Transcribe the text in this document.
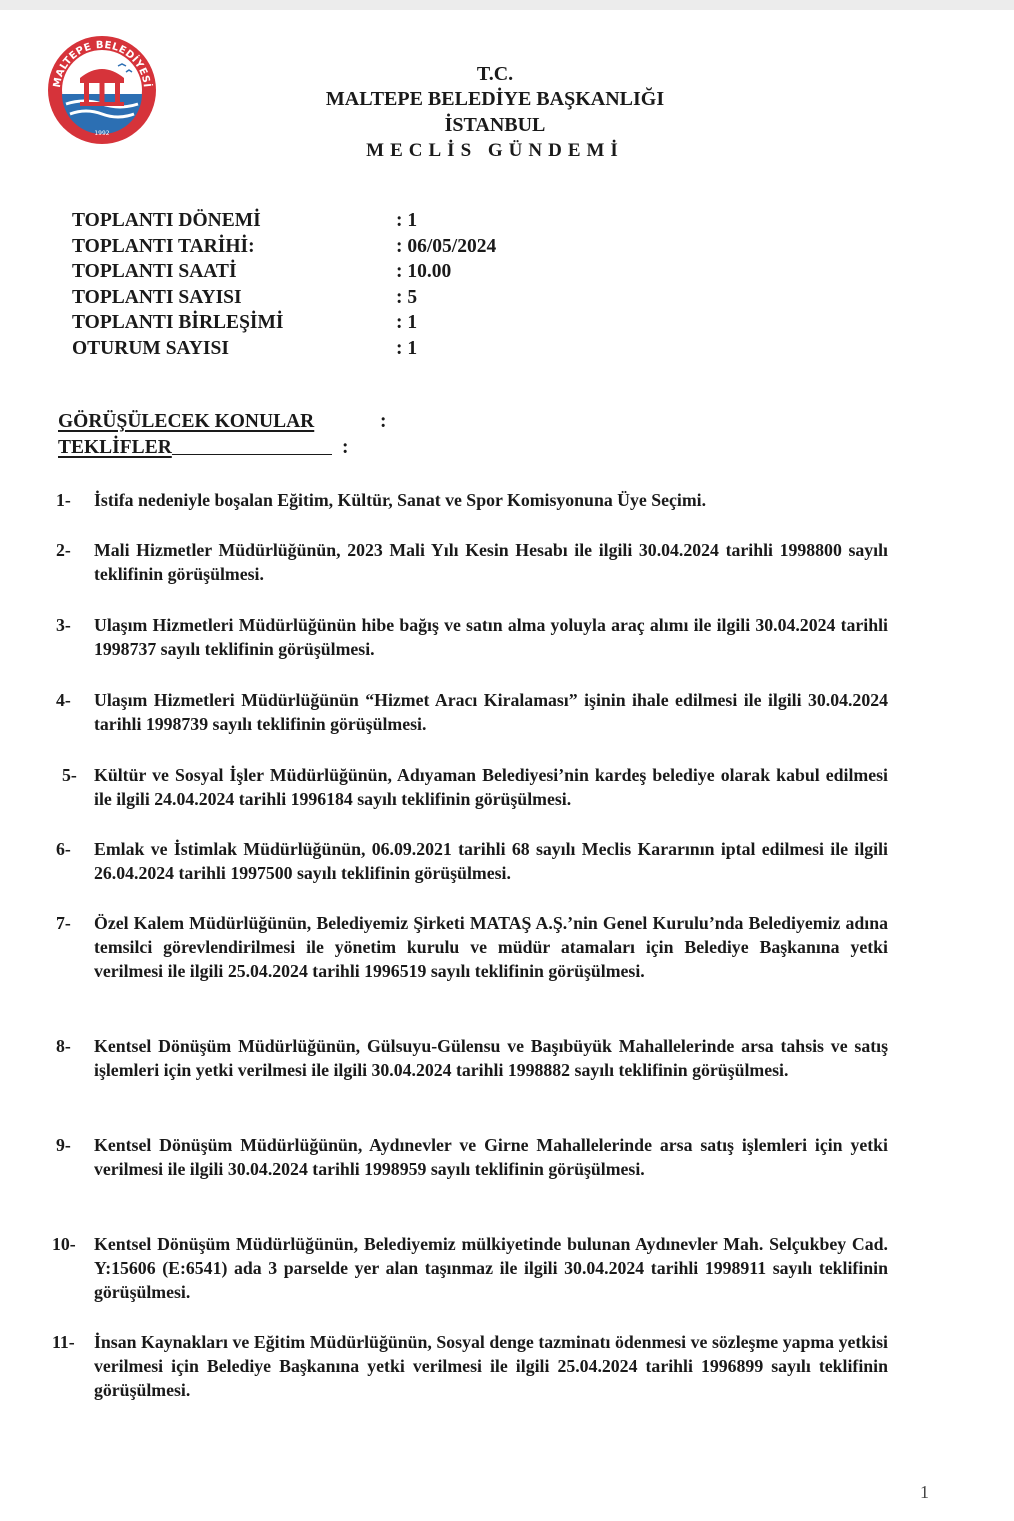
MALTEPE BELEDİYESİ
1992
T.C.
MALTEPE BELEDİYE BAŞKANLIĞI
İSTANBUL
MECLİS GÜNDEMİ
TOPLANTI DÖNEMİ	: 1
TOPLANTI TARİHİ:	: 06/05/2024
TOPLANTI SAATİ	: 10.00
TOPLANTI SAYISI	: 5
TOPLANTI BİRLEŞİMİ	: 1
OTURUM SAYISI	: 1
GÖRÜŞÜLECEK KONULAR	:
TEKLİFLER	:
1- İstifa nedeniyle boşalan Eğitim, Kültür, Sanat ve Spor Komisyonuna Üye Seçimi.
2- Mali Hizmetler Müdürlüğünün, 2023 Mali Yılı Kesin Hesabı ile ilgili 30.04.2024 tarihli 1998800 sayılı teklifinin görüşülmesi.
3- Ulaşım Hizmetleri Müdürlüğünün hibe bağış ve satın alma yoluyla araç alımı ile ilgili 30.04.2024 tarihli 1998737 sayılı teklifinin görüşülmesi.
4- Ulaşım Hizmetleri Müdürlüğünün “Hizmet Aracı Kiralaması” işinin ihale edilmesi ile ilgili 30.04.2024 tarihli 1998739 sayılı teklifinin görüşülmesi.
5- Kültür ve Sosyal İşler Müdürlüğünün, Adıyaman Belediyesi’nin kardeş belediye olarak kabul edilmesi ile ilgili 24.04.2024 tarihli 1996184 sayılı teklifinin görüşülmesi.
6- Emlak ve İstimlak Müdürlüğünün, 06.09.2021 tarihli 68 sayılı Meclis Kararının iptal edilmesi ile ilgili 26.04.2024 tarihli 1997500 sayılı teklifinin görüşülmesi.
7- Özel Kalem Müdürlüğünün, Belediyemiz Şirketi MATAŞ A.Ş.’nin Genel Kurulu’nda Belediyemiz adına temsilci görevlendirilmesi ile yönetim kurulu ve müdür atamaları için Belediye Başkanına yetki verilmesi ile ilgili 25.04.2024 tarihli 1996519 sayılı teklifinin görüşülmesi.
8- Kentsel Dönüşüm Müdürlüğünün, Gülsuyu-Gülensu ve Başıbüyük Mahallelerinde arsa tahsis ve satış işlemleri için yetki verilmesi ile ilgili 30.04.2024 tarihli 1998882 sayılı teklifinin görüşülmesi.
9- Kentsel Dönüşüm Müdürlüğünün, Aydınevler ve Girne Mahallelerinde arsa satış işlemleri için yetki verilmesi ile ilgili 30.04.2024 tarihli 1998959 sayılı teklifinin görüşülmesi.
10- Kentsel Dönüşüm Müdürlüğünün, Belediyemiz mülkiyetinde bulunan Aydınevler Mah. Selçukbey Cad. Y:15606 (E:6541) ada 3 parselde yer alan taşınmaz ile ilgili 30.04.2024 tarihli 1998911 sayılı teklifinin görüşülmesi.
11- İnsan Kaynakları ve Eğitim Müdürlüğünün, Sosyal denge tazminatı ödenmesi ve sözleşme yapma yetkisi verilmesi için Belediye Başkanına yetki verilmesi ile ilgili 25.04.2024 tarihli 1996899 sayılı teklifinin görüşülmesi.
1
